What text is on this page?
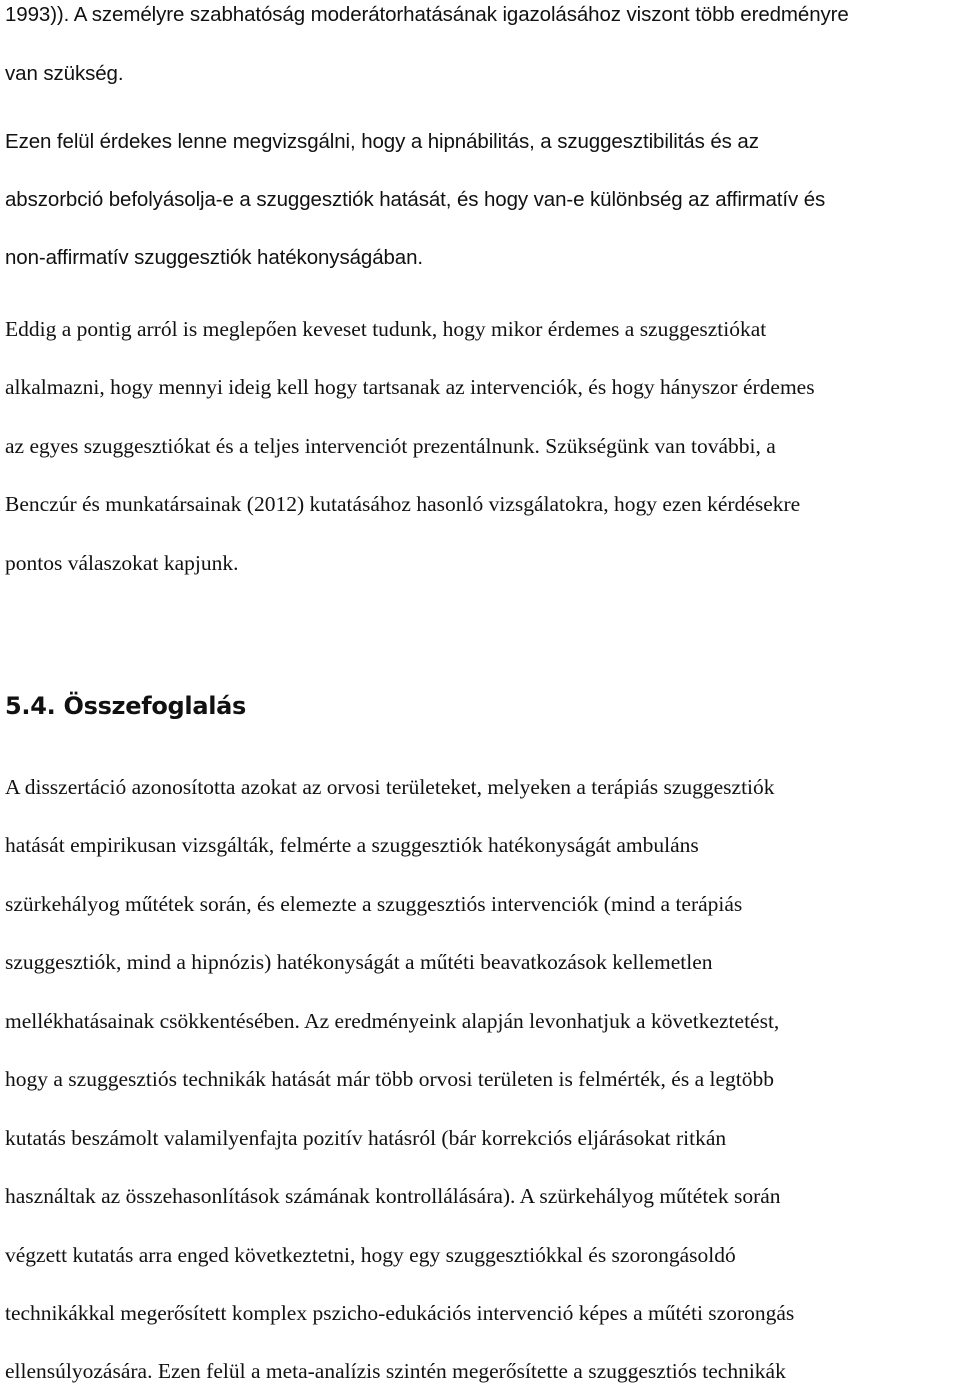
1993)). A személyre szabhatóság moderátorhatásának igazolásához viszont több eredményre
van szükség.
Ezen felül érdekes lenne megvizsgálni, hogy a hipnábilitás, a szuggesztibilitás és az
abszorbció befolyásolja-e a szuggesztiók hatását, és hogy van-e különbség az affirmatív és
non-affirmatív szuggesztiók hatékonyságában.
Eddig a pontig arról is meglepően keveset tudunk, hogy mikor érdemes a szuggesztiókat
alkalmazni, hogy mennyi ideig kell hogy tartsanak az intervenciók, és hogy hányszor érdemes
az egyes szuggesztiókat és a teljes intervenciót prezentálnunk. Szükségünk van további, a
Benczúr és munkatársainak (2012) kutatásához hasonló vizsgálatokra, hogy ezen kérdésekre
pontos válaszokat kapjunk.
5.4. Összefoglalás
A disszertáció azonosította azokat az orvosi területeket, melyeken a terápiás szuggesztiók
hatását empirikusan vizsgálták, felmérte a szuggesztiók hatékonyságát ambuláns
szürkehályog műtétek során, és elemezte a szuggesztiós intervenciók (mind a terápiás
szuggesztiók, mind a hipnózis) hatékonyságát a műtéti beavatkozások kellemetlen
mellékhatásainak csökkentésében. Az eredményeink alapján levonhatjuk a következtetést,
hogy a szuggesztiós technikák hatását már több orvosi területen is felmérték, és a legtöbb
kutatás beszámolt valamilyenfajta pozitív hatásról (bár korrekciós eljárásokat ritkán
használtak az összehasonlítások számának kontrollálására). A szürkehályog műtétek során
végzett kutatás arra enged következtetni, hogy egy szuggesztiókkal és szorongásoldó
technikákkal megerősített komplex pszicho-edukációs intervenció képes a műtéti szorongás
ellensúlyozására. Ezen felül a meta-analízis szintén megerősítette a szuggesztiós technikák
